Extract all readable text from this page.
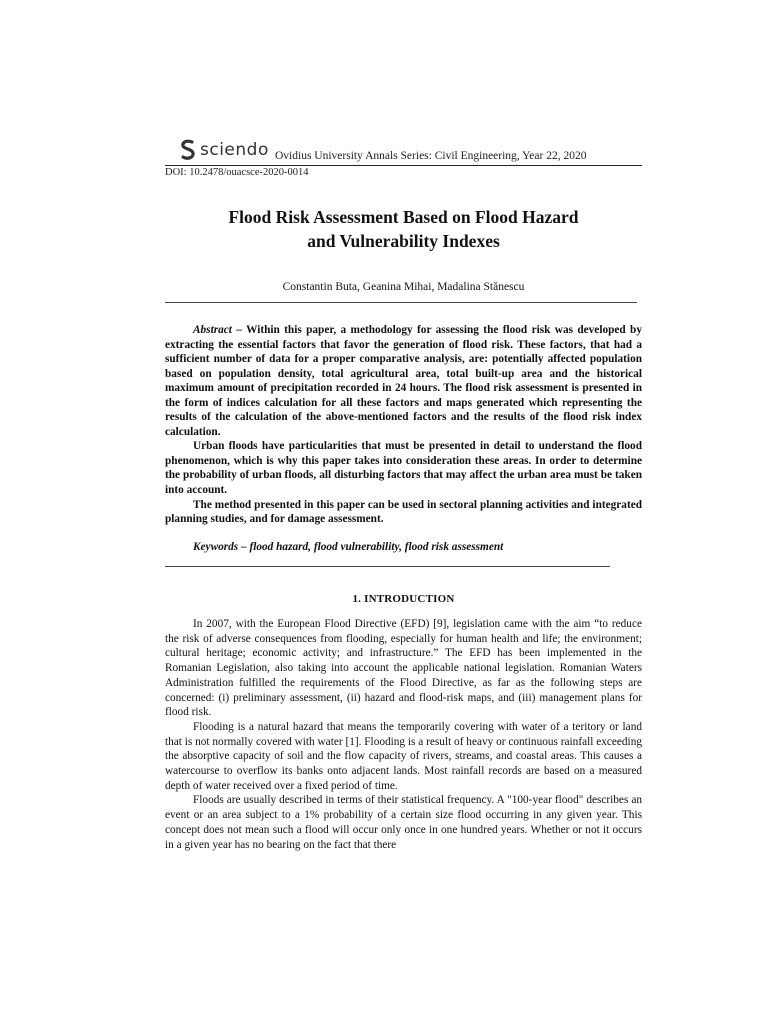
sciendo Ovidius University Annals Series: Civil Engineering, Year 22, 2020
DOI: 10.2478/ouacsce-2020-0014
Flood Risk Assessment Based on Flood Hazard
and Vulnerability Indexes
Constantin Buta, Geanina Mihai, Madalina Stănescu

Abstract – Within this paper, a methodology for assessing the flood risk was developed by extracting the essential factors that favor the generation of flood risk. These factors, that had a sufficient number of data for a proper comparative analysis, are: potentially affected population based on population density, total agricultural area, total built-up area and the historical maximum amount of precipitation recorded in 24 hours. The flood risk assessment is presented in the form of indices calculation for all these factors and maps generated which representing the results of the calculation of the above-mentioned factors and the results of the flood risk index calculation.

Urban floods have particularities that must be presented in detail to understand the flood phenomenon, which is why this paper takes into consideration these areas. In order to determine the probability of urban floods, all disturbing factors that may affect the urban area must be taken into account.

The method presented in this paper can be used in sectoral planning activities and integrated planning studies, and for damage assessment.

Keywords – flood hazard, flood vulnerability, flood risk assessment
1. INTRODUCTION

In 2007, with the European Flood Directive (EFD) [9], legislation came with the aim “to reduce the risk of adverse consequences from flooding, especially for human health and life; the environment; cultural heritage; economic activity; and infrastructure.” The EFD has been implemented in the Romanian Legislation, also taking into account the applicable national legislation. Romanian Waters Administration fulfilled the requirements of the Flood Directive, as far as the following steps are concerned: (i) preliminary assessment, (ii) hazard and flood-risk maps, and (iii) management plans for flood risk.

Flooding is a natural hazard that means the temporarily covering with water of a teritory or land that is not normally covered with water [1]. Flooding is a result of heavy or continuous rainfall exceeding the absorptive capacity of soil and the flow capacity of rivers, streams, and coastal areas. This causes a watercourse to overflow its banks onto adjacent lands. Most rainfall records are based on a measured depth of water received over a fixed period of time.

Floods are usually described in terms of their statistical frequency. A "100-year flood" describes an event or an area subject to a 1% probability of a certain size flood occurring in any given year. This concept does not mean such a flood will occur only once in one hundred years. Whether or not it occurs in a given year has no bearing on the fact that there
